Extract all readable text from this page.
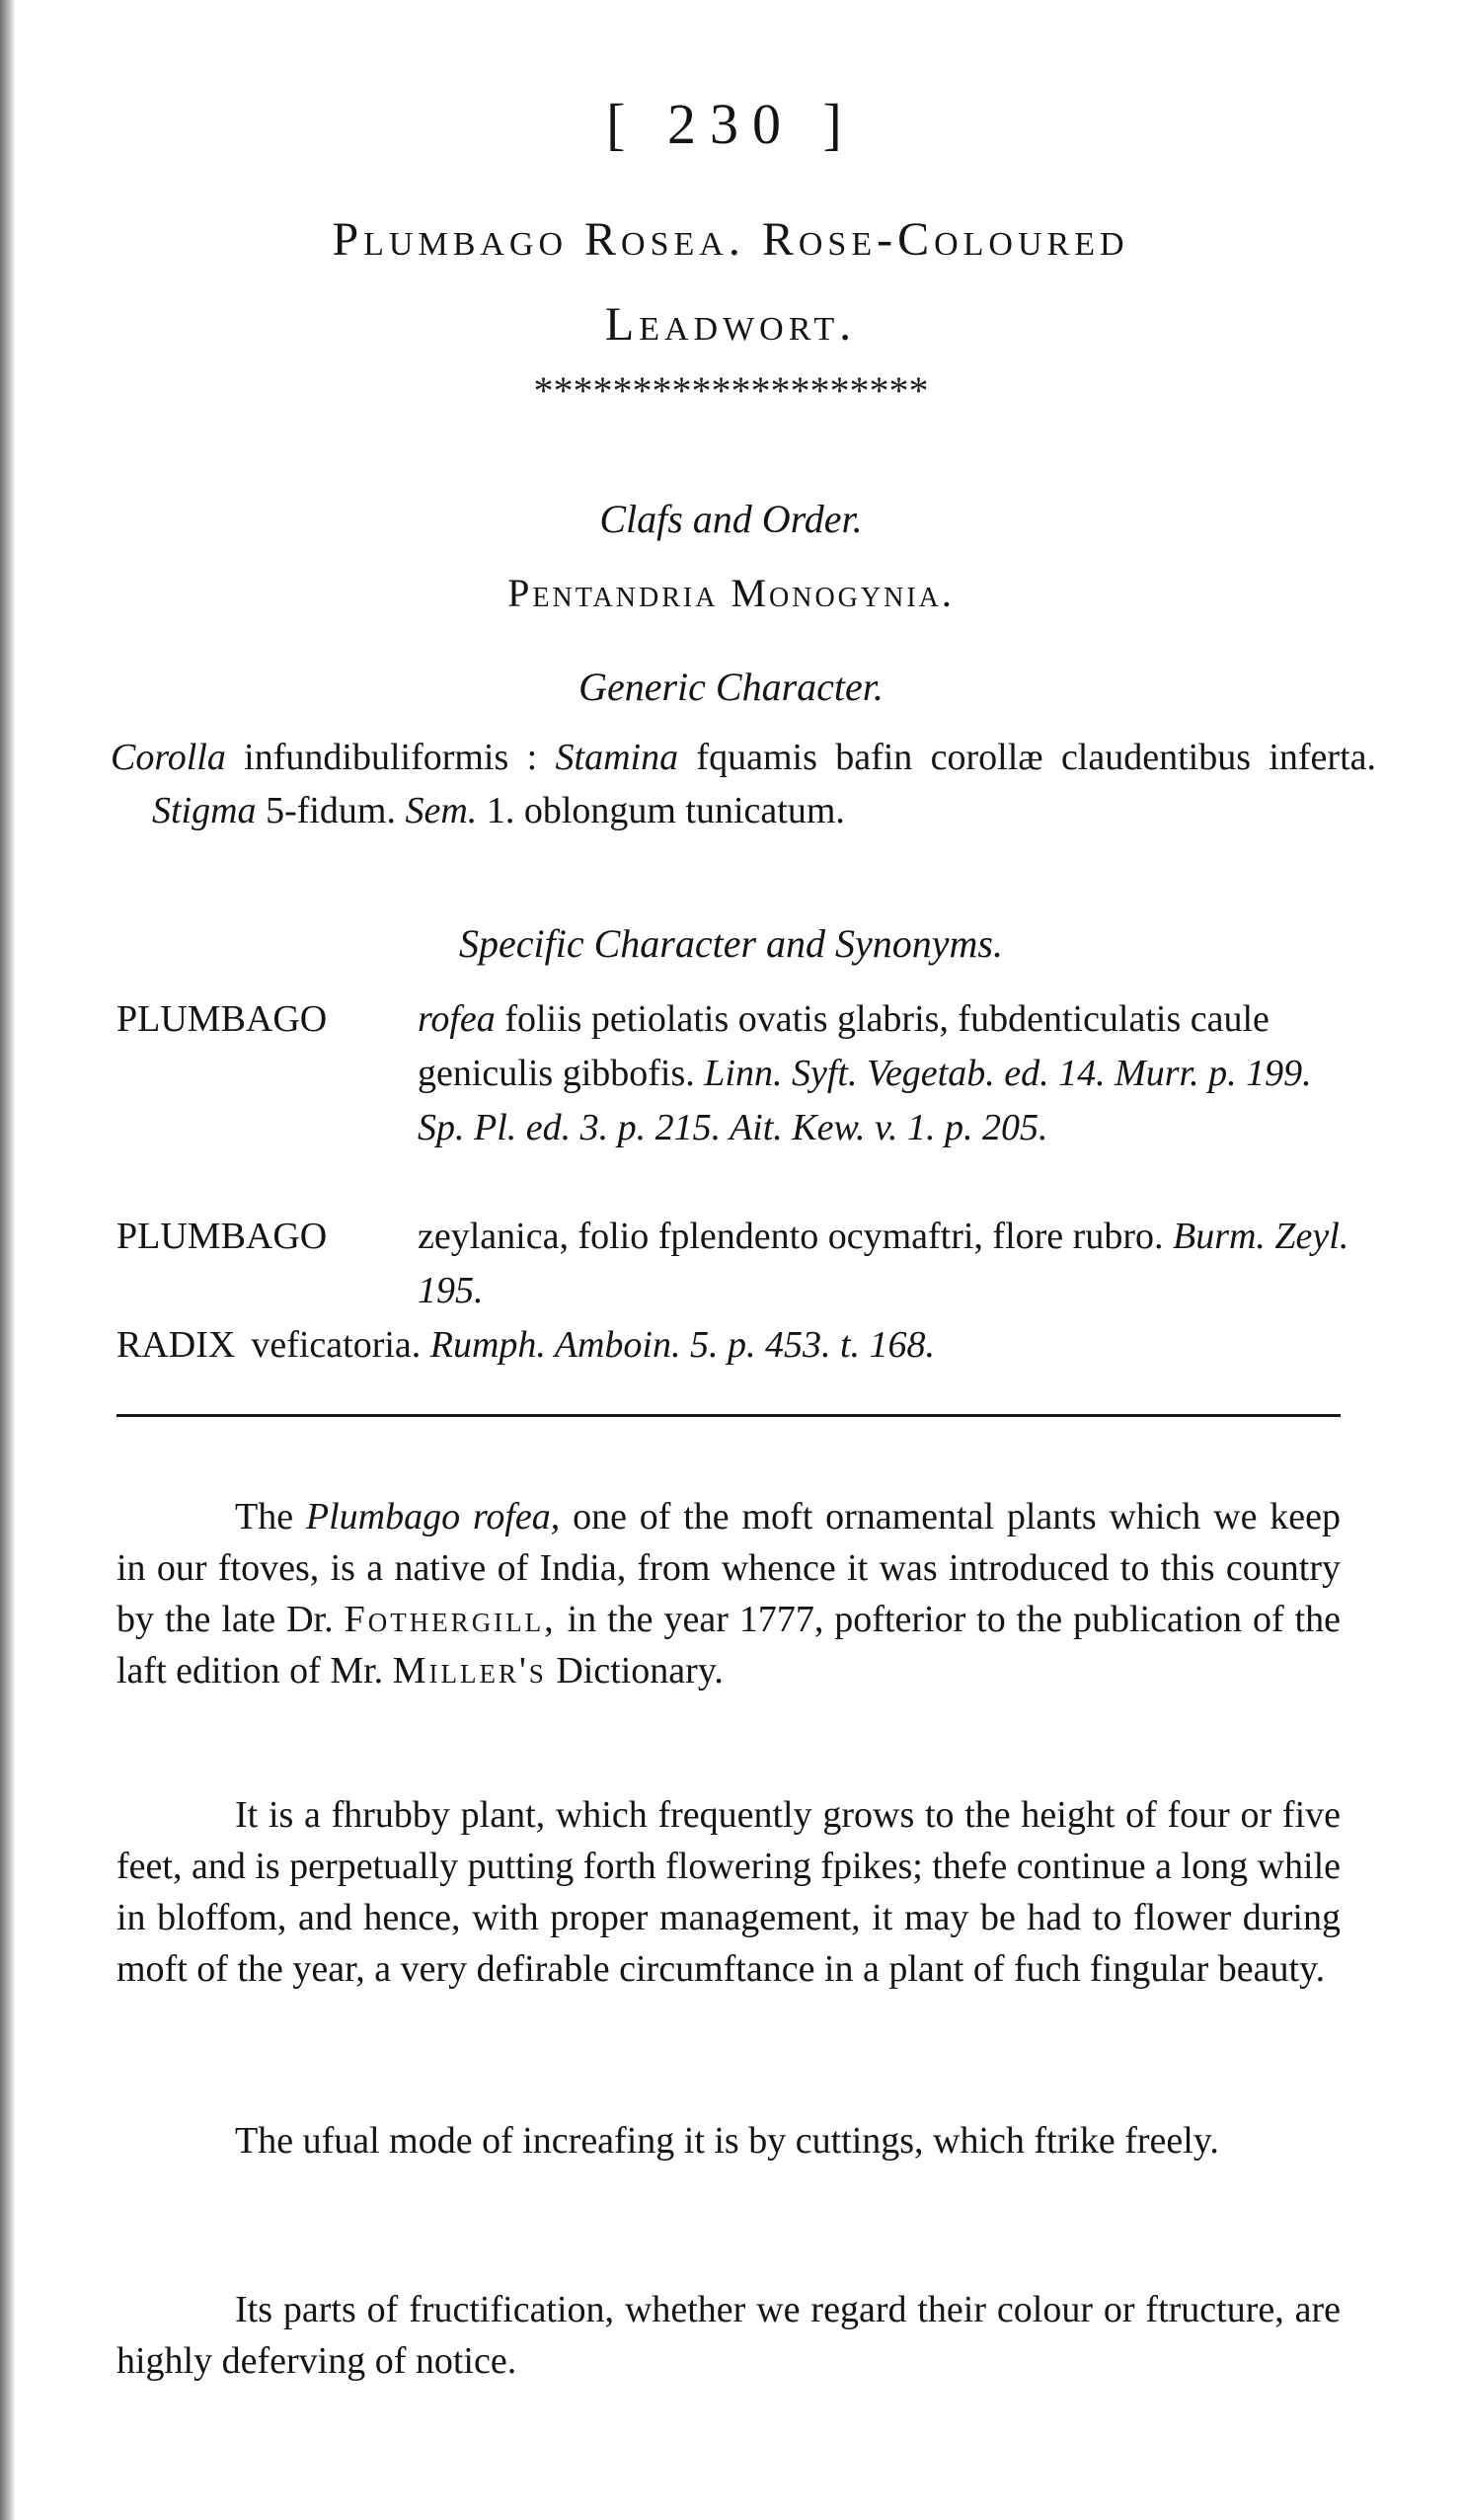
[ 230 ]
Plumbago Rosea. Rose-Coloured
Leadwort.
********************
Clafs and Order.
Pentandria Monogynia.
Generic Character.
Corolla infundibuliformis : Stamina fquamis bafin corollæ claudentibus inferta. Stigma 5-fidum. Sem. 1. oblongum tunicatum.
Specific Character and Synonyms.
PLUMBAGO rofea foliis petiolatis ovatis glabris, fubdenticulatis caule geniculis gibbofis. Linn. Syft. Vegetab. ed. 14. Murr. p. 199. Sp. Pl. ed. 3. p. 215. Ait. Kew. v. 1. p. 205.
PLUMBAGO zeylanica, folio fplendento ocymaftri, flore rubro. Burm. Zeyl. 195.
RADIX veficatoria. Rumph. Amboin. 5. p. 453. t. 168.
The Plumbago rofea, one of the moft ornamental plants which we keep in our ftoves, is a native of India, from whence it was introduced to this country by the late Dr. Fothergill, in the year 1777, pofterior to the publication of the laft edition of Mr. Miller's Dictionary.
It is a fhrubby plant, which frequently grows to the height of four or five feet, and is perpetually putting forth flowering fpikes; thefe continue a long while in bloffom, and hence, with proper management, it may be had to flower during moft of the year, a very defirable circumftance in a plant of fuch fingular beauty.
The ufual mode of increafing it is by cuttings, which ftrike freely.
Its parts of fructification, whether we regard their colour or ftructure, are highly deferving of notice.
